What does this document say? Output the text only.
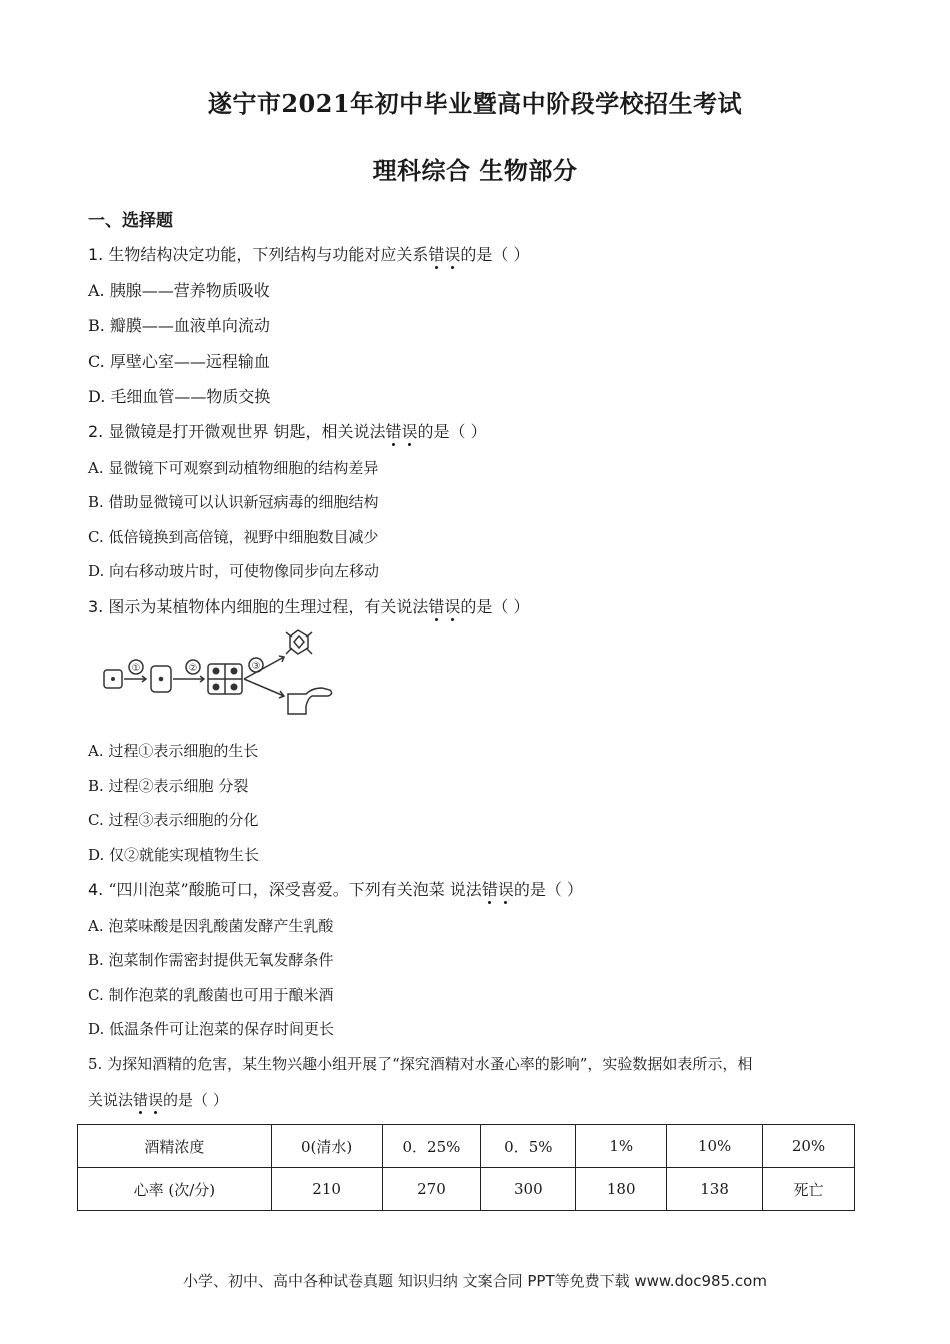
遂宁市2021年初中毕业暨高中阶段学校招生考试
理科综合 生物部分
一、选择题
1. 生物结构决定功能，下列结构与功能对应关系错误的是（ ）
A. 胰腺——营养物质吸收
B. 瓣膜——血液单向流动
C. 厚壁心室——远程输血
D. 毛细血管——物质交换
2. 显微镜是打开微观世界 钥匙，相关说法错误的是（ ）
A. 显微镜下可观察到动植物细胞的结构差异
B. 借助显微镜可以认识新冠病毒的细胞结构
C. 低倍镜换到高倍镜，视野中细胞数目减少
D. 向右移动玻片时，可使物像同步向左移动
3. 图示为某植物体内细胞的生理过程，有关说法错误的是（ ）
①	②	③
A. 过程①表示细胞的生长
B. 过程②表示细胞 分裂
C. 过程③表示细胞的分化
D. 仅②就能实现植物生长
4. “四川泡菜”酸脆可口，深受喜爱。下列有关泡菜 说法错误的是（ ）
A. 泡菜味酸是因乳酸菌发酵产生乳酸
B. 泡菜制作需密封提供无氧发酵条件
C. 制作泡菜的乳酸菌也可用于酿米酒
D. 低温条件可让泡菜的保存时间更长
5. 为探知酒精的危害，某生物兴趣小组开展了“探究酒精对水蚤心率的影响”，实验数据如表所示，相
关说法错误的是（ ）
酒精浓度	0(清水)	0．25%	0．5%	1%	10%	20%
心率 (次/分)	210	270	300	180	138	死亡
小学、初中、高中各种试卷真题 知识归纳 文案合同 PPT等免费下载 www.doc985.com
